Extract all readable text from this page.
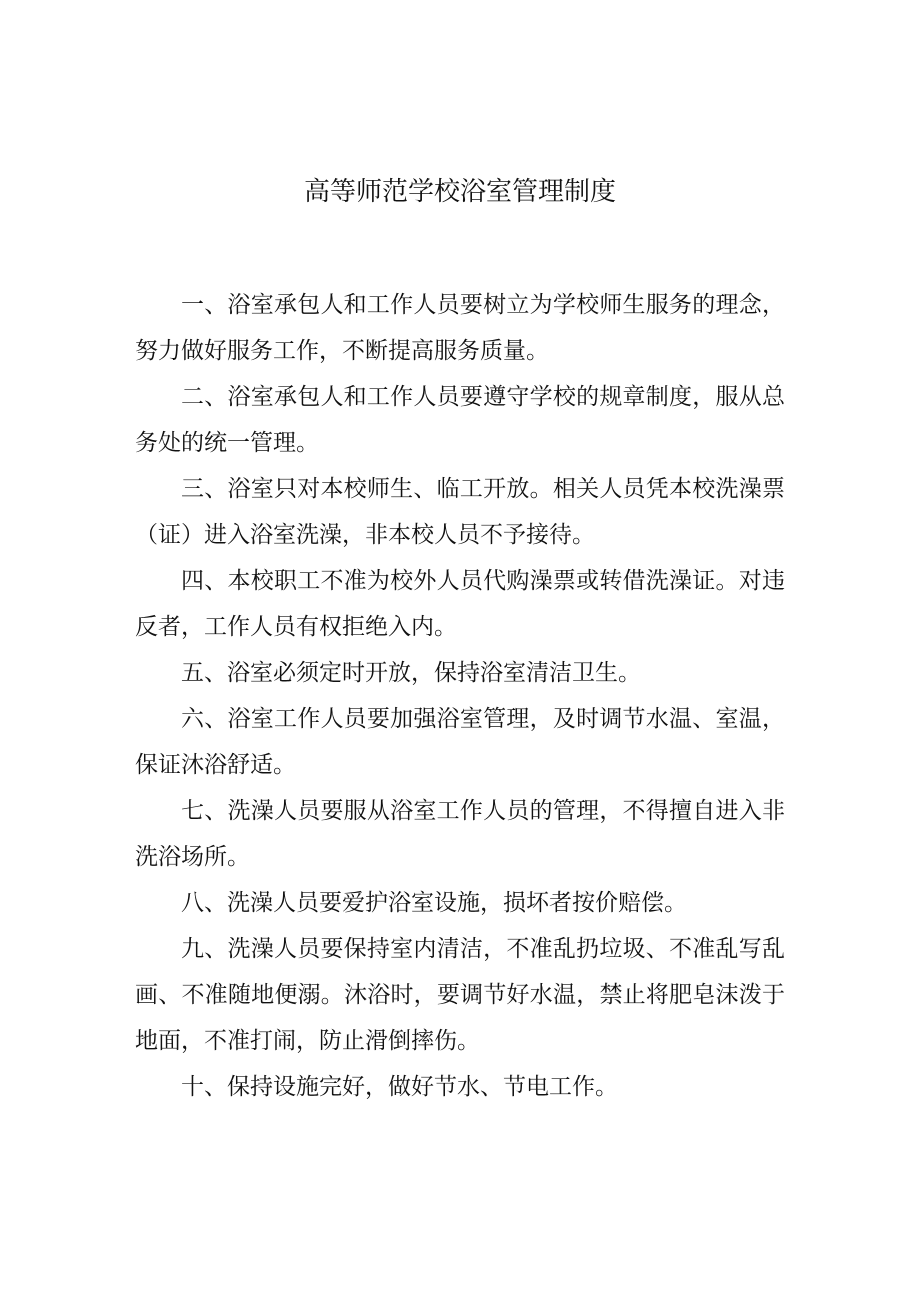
高等师范学校浴室管理制度

一、浴室承包人和工作人员要树立为学校师生服务的理念，努力做好服务工作，不断提高服务质量。

二、浴室承包人和工作人员要遵守学校的规章制度，服从总务处的统一管理。

三、浴室只对本校师生、临工开放。相关人员凭本校洗澡票（证）进入浴室洗澡，非本校人员不予接待。

四、本校职工不准为校外人员代购澡票或转借洗澡证。对违反者，工作人员有权拒绝入内。

五、浴室必须定时开放，保持浴室清洁卫生。

六、浴室工作人员要加强浴室管理，及时调节水温、室温，保证沐浴舒适。

七、洗澡人员要服从浴室工作人员的管理，不得擅自进入非洗浴场所。

八、洗澡人员要爱护浴室设施，损坏者按价赔偿。

九、洗澡人员要保持室内清洁，不准乱扔垃圾、不准乱写乱画、不准随地便溺。沐浴时，要调节好水温，禁止将肥皂沫泼于地面，不准打闹，防止滑倒摔伤。

十、保持设施完好，做好节水、节电工作。
